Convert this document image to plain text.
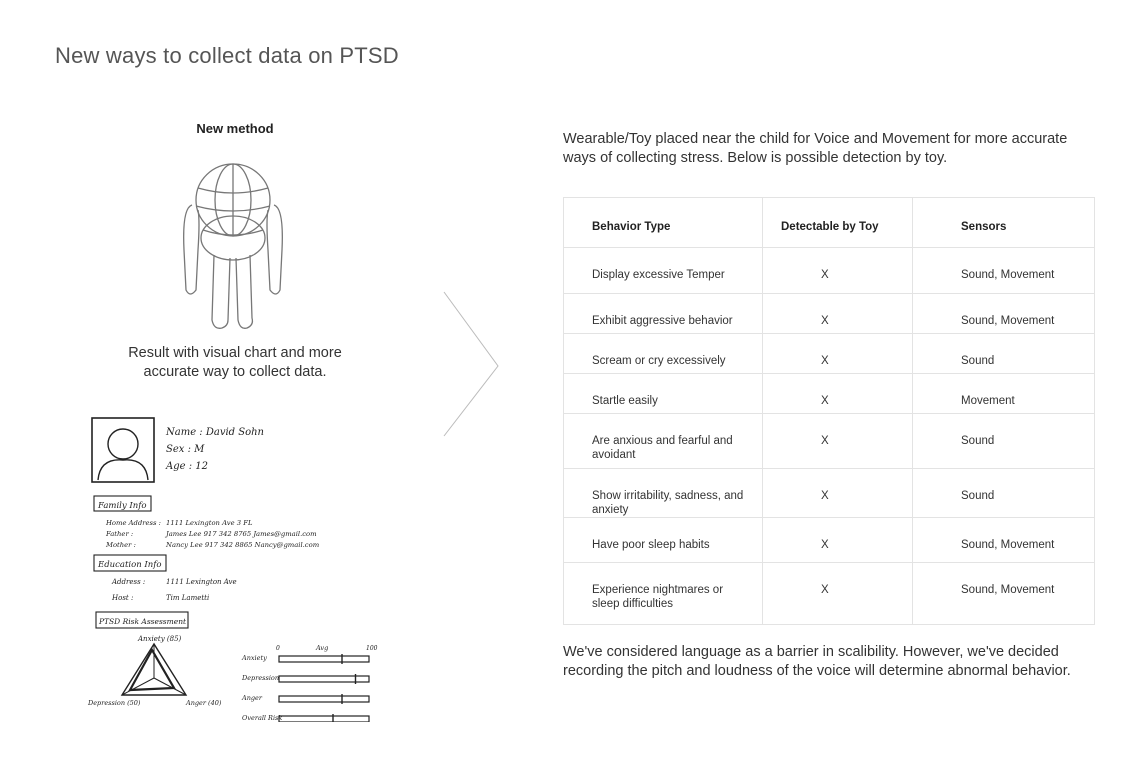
New ways to collect data on PTSD
New method
Result with visual chart and more accurate way to collect data.
Name : David Sohn
Sex : M
Age : 12
Family Info
Home Address : 1111 Lexington Ave 3 FL
Father :	James Lee 917 342 8765 James@gmail.com
Mother :	Nancy Lee 917 342 8865 Nancy@gmail.com
Education Info
Address :	1111 Lexington Ave
Host :	Tim Lametti
PTSD Risk Assessment
Anxiety (85)
Depression (50)	Anger (40)
0	Avg	100
Anxiety
Depression
Anger
Overall Risk
Wearable/Toy placed near the child for Voice and Movement for more accurate ways of collecting stress. Below is possible detection by toy.
Behavior Type	Detectable by Toy	Sensors
Display excessive Temper	X	Sound, Movement
Exhibit aggressive behavior	X	Sound, Movement
Scream or cry excessively	X	Sound
Startle easily	X	Movement
Are anxious and fearful and avoidant	X	Sound
Show irritability, sadness, and anxiety	X	Sound
Have poor sleep habits	X	Sound, Movement
Experience nightmares or sleep difficulties	X	Sound, Movement
We've considered language as a barrier in scalibility. However, we've decided recording the pitch and loudness of the voice will determine abnormal behavior.
